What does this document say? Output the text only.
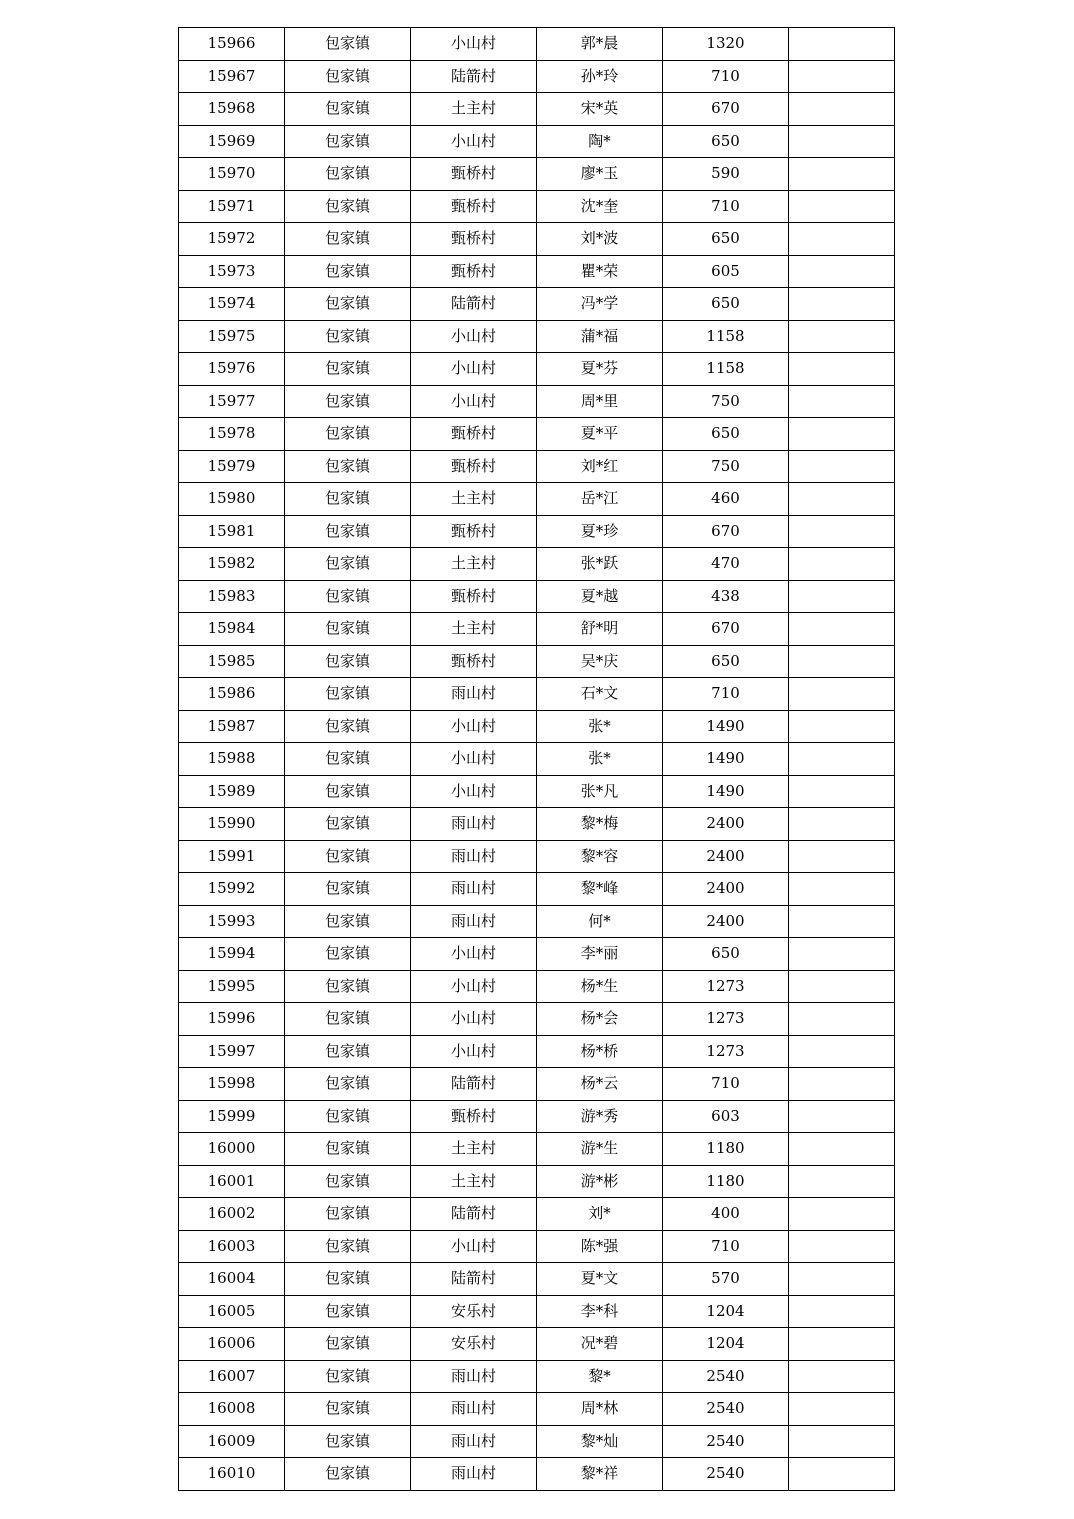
15966	包家镇	小山村	郭*晨	1320	
15967	包家镇	陆箭村	孙*玲	710	
15968	包家镇	土主村	宋*英	670	
15969	包家镇	小山村	陶*	650	
15970	包家镇	甄桥村	廖*玉	590	
15971	包家镇	甄桥村	沈*奎	710	
15972	包家镇	甄桥村	刘*波	650	
15973	包家镇	甄桥村	瞿*荣	605	
15974	包家镇	陆箭村	冯*学	650	
15975	包家镇	小山村	蒲*福	1158	
15976	包家镇	小山村	夏*芬	1158	
15977	包家镇	小山村	周*里	750	
15978	包家镇	甄桥村	夏*平	650	
15979	包家镇	甄桥村	刘*红	750	
15980	包家镇	土主村	岳*江	460	
15981	包家镇	甄桥村	夏*珍	670	
15982	包家镇	土主村	张*跃	470	
15983	包家镇	甄桥村	夏*越	438	
15984	包家镇	土主村	舒*明	670	
15985	包家镇	甄桥村	吴*庆	650	
15986	包家镇	雨山村	石*文	710	
15987	包家镇	小山村	张*	1490	
15988	包家镇	小山村	张*	1490	
15989	包家镇	小山村	张*凡	1490	
15990	包家镇	雨山村	黎*梅	2400	
15991	包家镇	雨山村	黎*容	2400	
15992	包家镇	雨山村	黎*峰	2400	
15993	包家镇	雨山村	何*	2400	
15994	包家镇	小山村	李*丽	650	
15995	包家镇	小山村	杨*生	1273	
15996	包家镇	小山村	杨*会	1273	
15997	包家镇	小山村	杨*桥	1273	
15998	包家镇	陆箭村	杨*云	710	
15999	包家镇	甄桥村	游*秀	603	
16000	包家镇	土主村	游*生	1180	
16001	包家镇	土主村	游*彬	1180	
16002	包家镇	陆箭村	刘*	400	
16003	包家镇	小山村	陈*强	710	
16004	包家镇	陆箭村	夏*文	570	
16005	包家镇	安乐村	李*科	1204	
16006	包家镇	安乐村	况*碧	1204	
16007	包家镇	雨山村	黎*	2540	
16008	包家镇	雨山村	周*林	2540	
16009	包家镇	雨山村	黎*灿	2540	
16010	包家镇	雨山村	黎*祥	2540	
